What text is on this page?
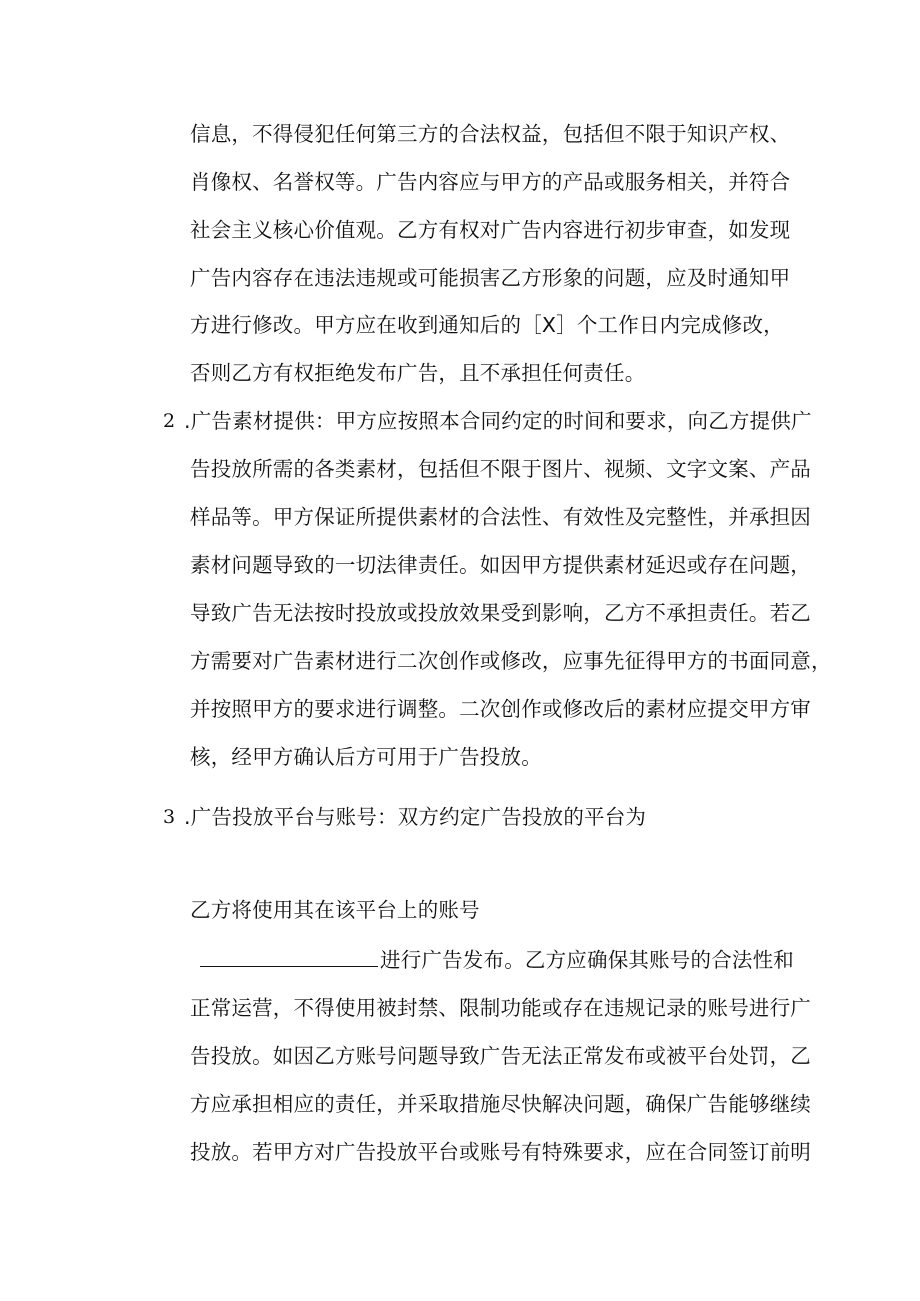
信息，不得侵犯任何第三方的合法权益，包括但不限于知识产权、
肖像权、名誉权等。广告内容应与甲方的产品或服务相关，并符合
社会主义核心价值观。乙方有权对广告内容进行初步审查，如发现
广告内容存在违法违规或可能损害乙方形象的问题，应及时通知甲
方进行修改。甲方应在收到通知后的［X］个工作日内完成修改，
否则乙方有权拒绝发布广告，且不承担任何责任。
2 .广告素材提供：甲方应按照本合同约定的时间和要求，向乙方提供广
告投放所需的各类素材，包括但不限于图片、视频、文字文案、产品
样品等。甲方保证所提供素材的合法性、有效性及完整性，并承担因
素材问题导致的一切法律责任。如因甲方提供素材延迟或存在问题，
导致广告无法按时投放或投放效果受到影响，乙方不承担责任。若乙
方需要对广告素材进行二次创作或修改，应事先征得甲方的书面同意，
并按照甲方的要求进行调整。二次创作或修改后的素材应提交甲方审
核，经甲方确认后方可用于广告投放。
3 .广告投放平台与账号：双方约定广告投放的平台为
乙方将使用其在该平台上的账号
进行广告发布。乙方应确保其账号的合法性和
正常运营，不得使用被封禁、限制功能或存在违规记录的账号进行广
告投放。如因乙方账号问题导致广告无法正常发布或被平台处罚，乙
方应承担相应的责任，并采取措施尽快解决问题，确保广告能够继续
投放。若甲方对广告投放平台或账号有特殊要求，应在合同签订前明
